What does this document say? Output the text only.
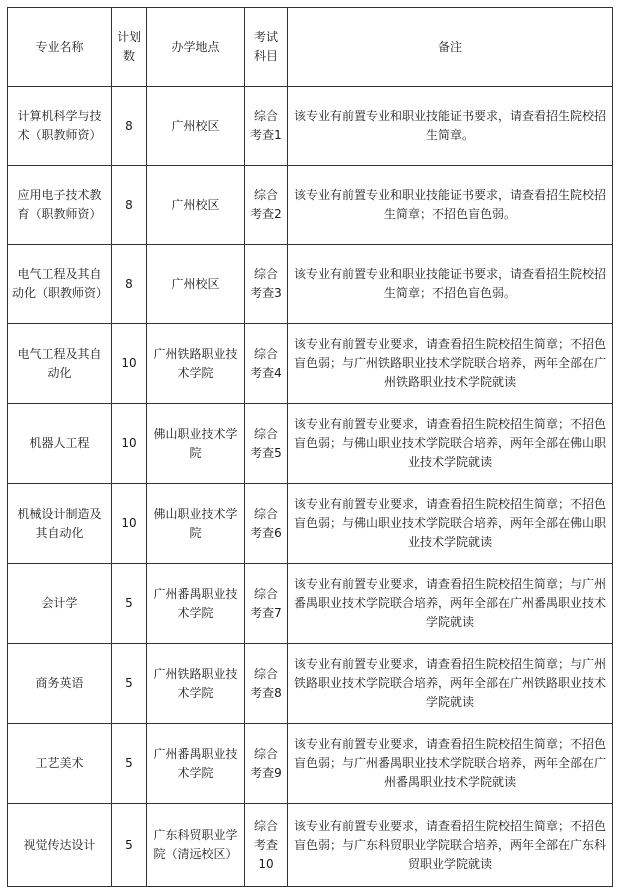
专业名称	计划数	办学地点	考试科目	备注
计算机科学与技术（职教师资）	8	广州校区	综合考查1	该专业有前置专业和职业技能证书要求，请查看招生院校招生简章。
应用电子技术教育（职教师资）	8	广州校区	综合考查2	该专业有前置专业和职业技能证书要求，请查看招生院校招生简章；不招色盲色弱。
电气工程及其自动化（职教师资）	8	广州校区	综合考查3	该专业有前置专业和职业技能证书要求，请查看招生院校招生简章；不招色盲色弱。
电气工程及其自动化	10	广州铁路职业技术学院	综合考查4	该专业有前置专业要求，请查看招生院校招生简章；不招色盲色弱；与广州铁路职业技术学院联合培养，两年全部在广州铁路职业技术学院就读
机器人工程	10	佛山职业技术学院	综合考查5	该专业有前置专业要求，请查看招生院校招生简章；不招色盲色弱；与佛山职业技术学院联合培养，两年全部在佛山职业技术学院就读
机械设计制造及其自动化	10	佛山职业技术学院	综合考查6	该专业有前置专业要求，请查看招生院校招生简章；不招色盲色弱；与佛山职业技术学院联合培养，两年全部在佛山职业技术学院就读
会计学	5	广州番禺职业技术学院	综合考查7	该专业有前置专业要求，请查看招生院校招生简章；与广州番禺职业技术学院联合培养，两年全部在广州番禺职业技术学院就读
商务英语	5	广州铁路职业技术学院	综合考查8	该专业有前置专业要求，请查看招生院校招生简章；与广州铁路职业技术学院联合培养，两年全部在广州铁路职业技术学院就读
工艺美术	5	广州番禺职业技术学院	综合考查9	该专业有前置专业要求，请查看招生院校招生简章；不招色盲色弱；与广州番禺职业技术学院联合培养，两年全部在广州番禺职业技术学院就读
视觉传达设计	5	广东科贸职业学院（清远校区）	综合考查10	该专业有前置专业要求，请查看招生院校招生简章；不招色盲色弱；与广东科贸职业学院联合培养，两年全部在广东科贸职业学院就读
